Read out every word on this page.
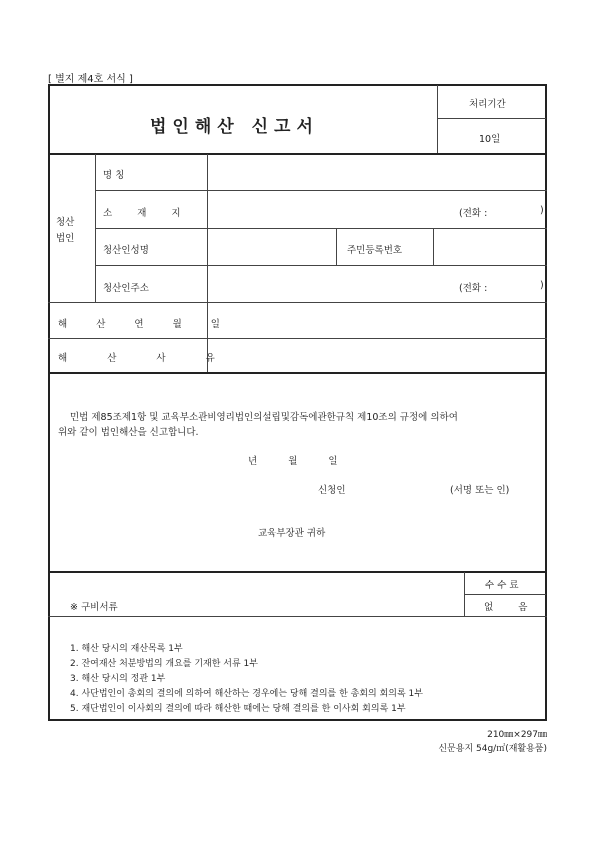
[ 별지 제4호 서식 ]
법인해산 신고서
처리기간
10일
청산
법인
명 칭
소 재 지	(전화 :	)
청산인성명	주민등록번호
청산인주소	(전화 :	)
해 산 연 월 일
해 산 사 유
민법 제85조제1항 및 교육부소관비영리법인의설립및감독에관한규칙 제10조의 규정에 의하여
위와 같이 법인해산을 신고합니다.
년 월 일
신청인	(서명 또는 인)
교육부장관 귀하
수 수 료
없 음
※ 구비서류
1. 해산 당시의 재산목록 1부
2. 잔여재산 처분방법의 개요를 기재한 서류 1부
3. 해산 당시의 정관 1부
4. 사단법인이 총회의 결의에 의하여 해산하는 경우에는 당해 결의를 한 총회의 회의록 1부
5. 재단법인이 이사회의 결의에 따라 해산한 때에는 당해 결의를 한 이사회 회의록 1부
210㎜×297㎜
신문용지 54g/㎡(재활용품)
